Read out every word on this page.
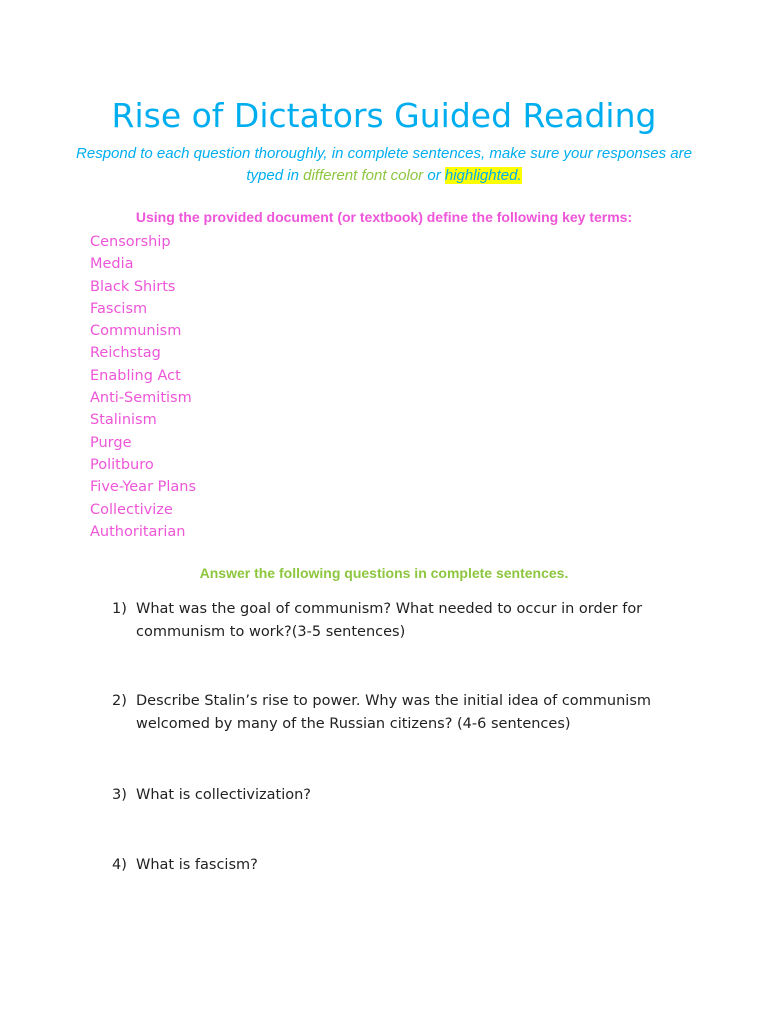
Rise of Dictators Guided Reading

Respond to each question thoroughly, in complete sentences, make sure your responses are typed in different font color or highlighted.

Using the provided document (or textbook) define the following key terms:

Censorship
Media
Black Shirts
Fascism
Communism
Reichstag
Enabling Act
Anti-Semitism
Stalinism
Purge
Politburo
Five-Year Plans
Collectivize
Authoritarian

Answer the following questions in complete sentences.

1) What was the goal of communism? What needed to occur in order for communism to work?(3-5 sentences)
2) Describe Stalin’s rise to power. Why was the initial idea of communism welcomed by many of the Russian citizens? (4-6 sentences)
3) What is collectivization?
4) What is fascism?
